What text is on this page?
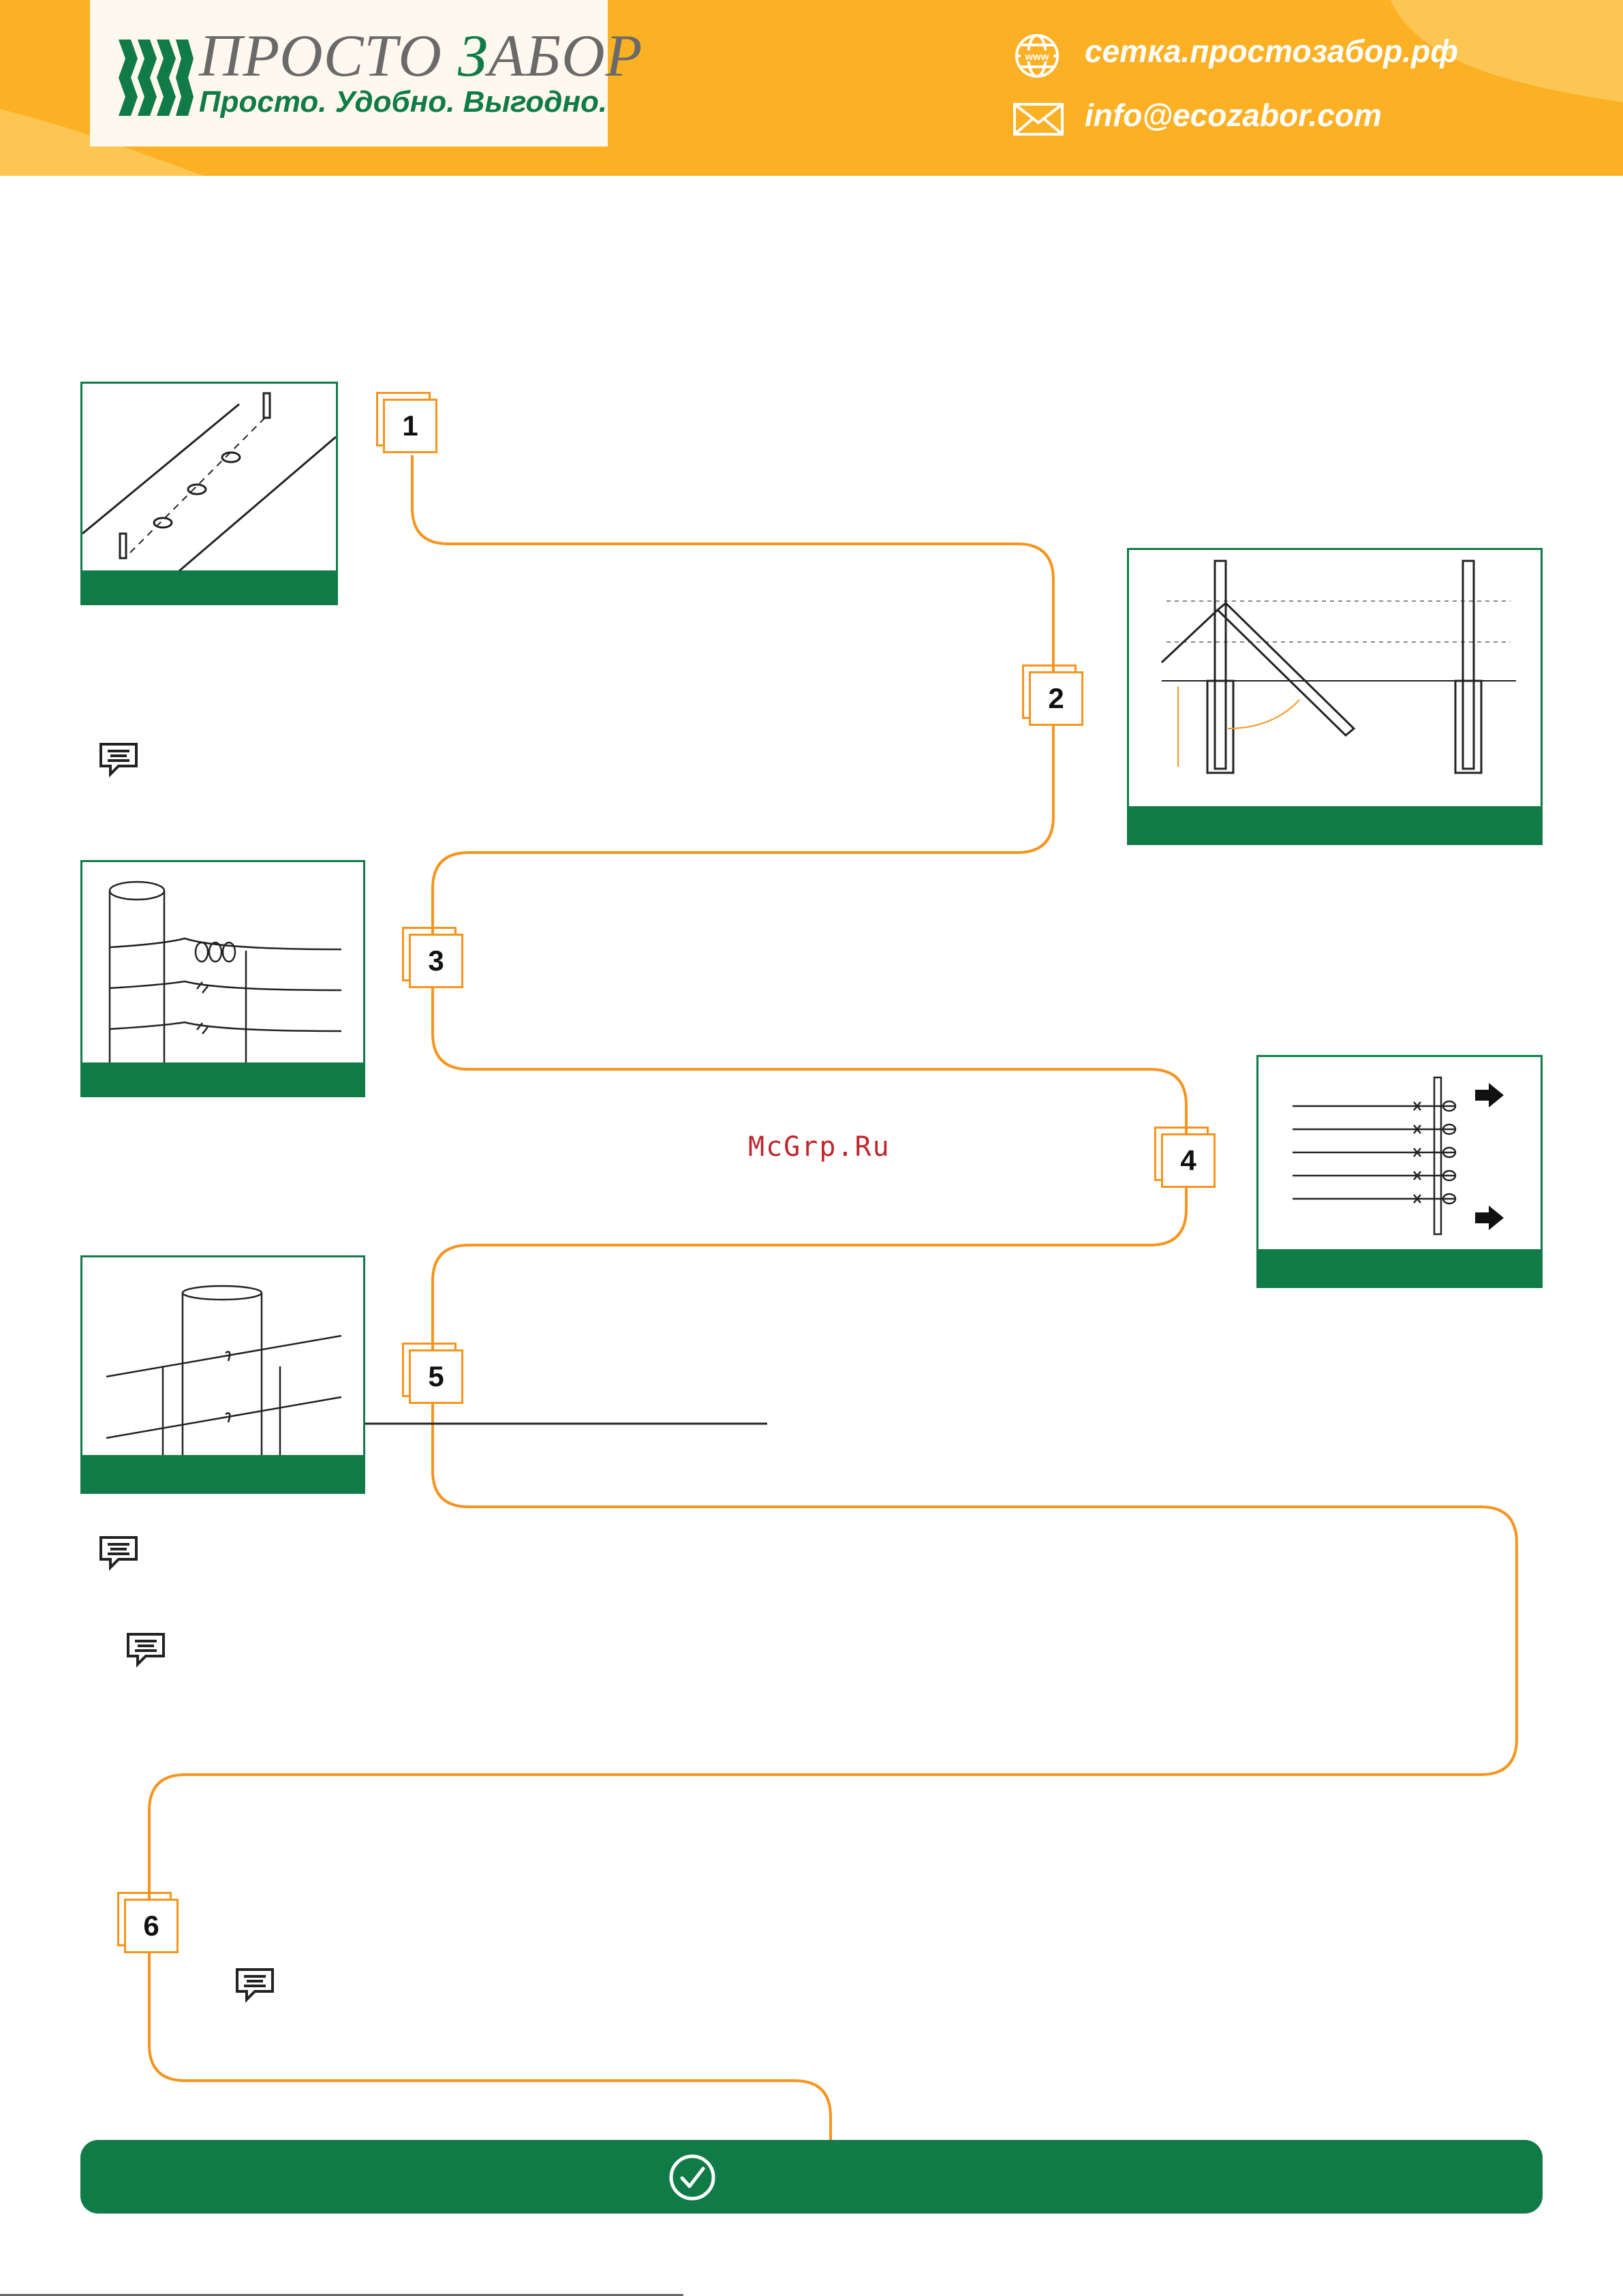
ПРОСТО ЗАБОР
Просто. Удобно. Выгодно.
www сетка.простозабор.рф
info@ecozabor.com
1
2
3
4
5
6
McGrp.Ru
